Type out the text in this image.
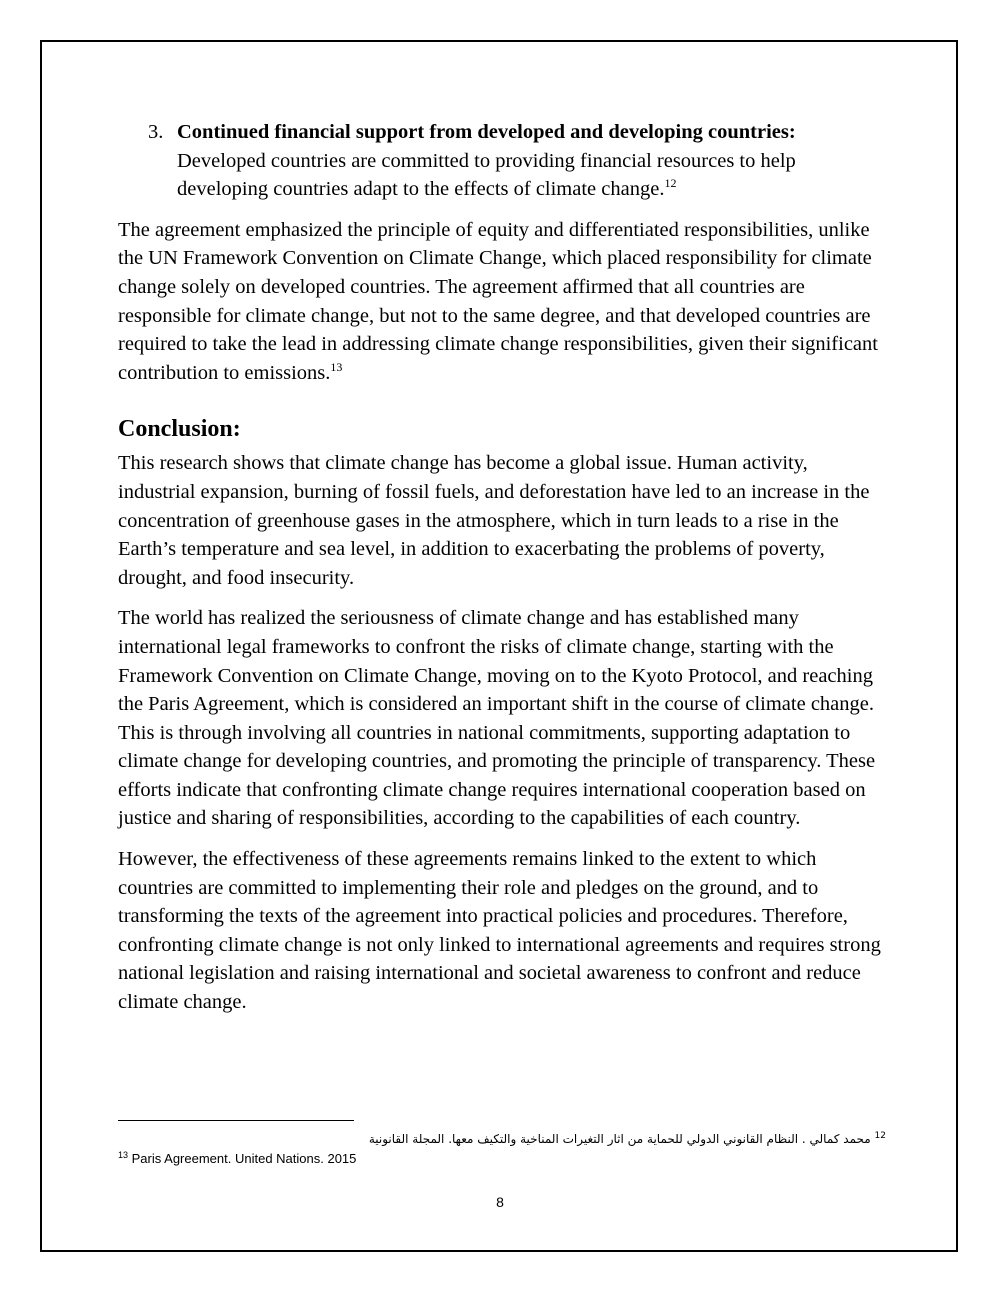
3. Continued financial support from developed and developing countries: Developed countries are committed to providing financial resources to help developing countries adapt to the effects of climate change.$^{12}$

The agreement emphasized the principle of equity and differentiated responsibilities, unlike the UN Framework Convention on Climate Change, which placed responsibility for climate change solely on developed countries. The agreement affirmed that all countries are responsible for climate change, but not to the same degree, and that developed countries are required to take the lead in addressing climate change responsibilities, given their significant contribution to emissions.$^{13}$

Conclusion:

This research shows that climate change has become a global issue. Human activity, industrial expansion, burning of fossil fuels, and deforestation have led to an increase in the concentration of greenhouse gases in the atmosphere, which in turn leads to a rise in the Earth’s temperature and sea level, in addition to exacerbating the problems of poverty, drought, and food insecurity.

The world has realized the seriousness of climate change and has established many international legal frameworks to confront the risks of climate change, starting with the Framework Convention on Climate Change, moving on to the Kyoto Protocol, and reaching the Paris Agreement, which is considered an important shift in the course of climate change. This is through involving all countries in national commitments, supporting adaptation to climate change for developing countries, and promoting the principle of transparency. These efforts indicate that confronting climate change requires international cooperation based on justice and sharing of responsibilities, according to the capabilities of each country.

However, the effectiveness of these agreements remains linked to the extent to which countries are committed to implementing their role and pledges on the ground, and to transforming the texts of the agreement into practical policies and procedures. Therefore, confronting climate change is not only linked to international agreements and requires strong national legislation and raising international and societal awareness to confront and reduce climate change.

$^{12}$ محمد كمالي . النظام القانوني الدولي للحماية من اثار التغيرات المناخية والتكيف معها. المجلة القانونية
$^{13}$ Paris Agreement. United Nations. 2015
8
